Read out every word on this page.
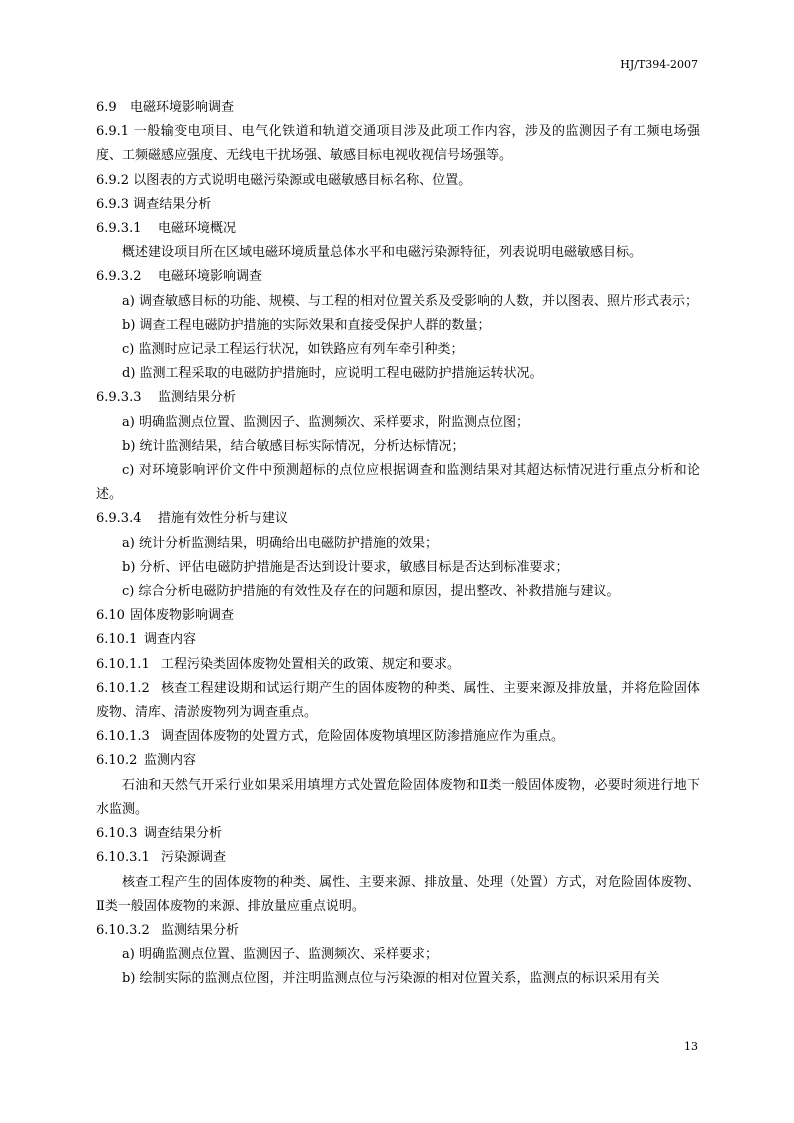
HJ/T394-2007

6.9 电磁环境影响调查

6.9.1 一般输变电项目、电气化铁道和轨道交通项目涉及此项工作内容，涉及的监测因子有工频电场强度、工频磁感应强度、无线电干扰场强、敏感目标电视收视信号场强等。

6.9.2 以图表的方式说明电磁污染源或电磁敏感目标名称、位置。

6.9.3 调查结果分析

6.9.3.1 电磁环境概况

概述建设项目所在区域电磁环境质量总体水平和电磁污染源特征，列表说明电磁敏感目标。

6.9.3.2 电磁环境影响调查

a) 调查敏感目标的功能、规模、与工程的相对位置关系及受影响的人数，并以图表、照片形式表示；

b) 调查工程电磁防护措施的实际效果和直接受保护人群的数量；

c) 监测时应记录工程运行状况，如铁路应有列车牵引种类；

d) 监测工程采取的电磁防护措施时，应说明工程电磁防护措施运转状况。

6.9.3.3 监测结果分析

a) 明确监测点位置、监测因子、监测频次、采样要求，附监测点位图；

b) 统计监测结果，结合敏感目标实际情况，分析达标情况；

c) 对环境影响评价文件中预测超标的点位应根据调查和监测结果对其超达标情况进行重点分析和论述。

6.9.3.4 措施有效性分析与建议

a) 统计分析监测结果，明确给出电磁防护措施的效果；

b) 分析、评估电磁防护措施是否达到设计要求，敏感目标是否达到标准要求；

c) 综合分析电磁防护措施的有效性及存在的问题和原因，提出整改、补救措施与建议。

6.10 固体废物影响调查

6.10.1 调查内容

6.10.1.1 工程污染类固体废物处置相关的政策、规定和要求。

6.10.1.2 核查工程建设期和试运行期产生的固体废物的种类、属性、主要来源及排放量，并将危险固体废物、清库、清淤废物列为调查重点。

6.10.1.3 调查固体废物的处置方式，危险固体废物填埋区防渗措施应作为重点。

6.10.2 监测内容

石油和天然气开采行业如果采用填埋方式处置危险固体废物和Ⅱ类一般固体废物，必要时须进行地下水监测。

6.10.3 调查结果分析

6.10.3.1 污染源调查

核查工程产生的固体废物的种类、属性、主要来源、排放量、处理（处置）方式，对危险固体废物、Ⅱ类一般固体废物的来源、排放量应重点说明。

6.10.3.2 监测结果分析

a) 明确监测点位置、监测因子、监测频次、采样要求；

b) 绘制实际的监测点位图，并注明监测点位与污染源的相对位置关系，监测点的标识采用有关

13
